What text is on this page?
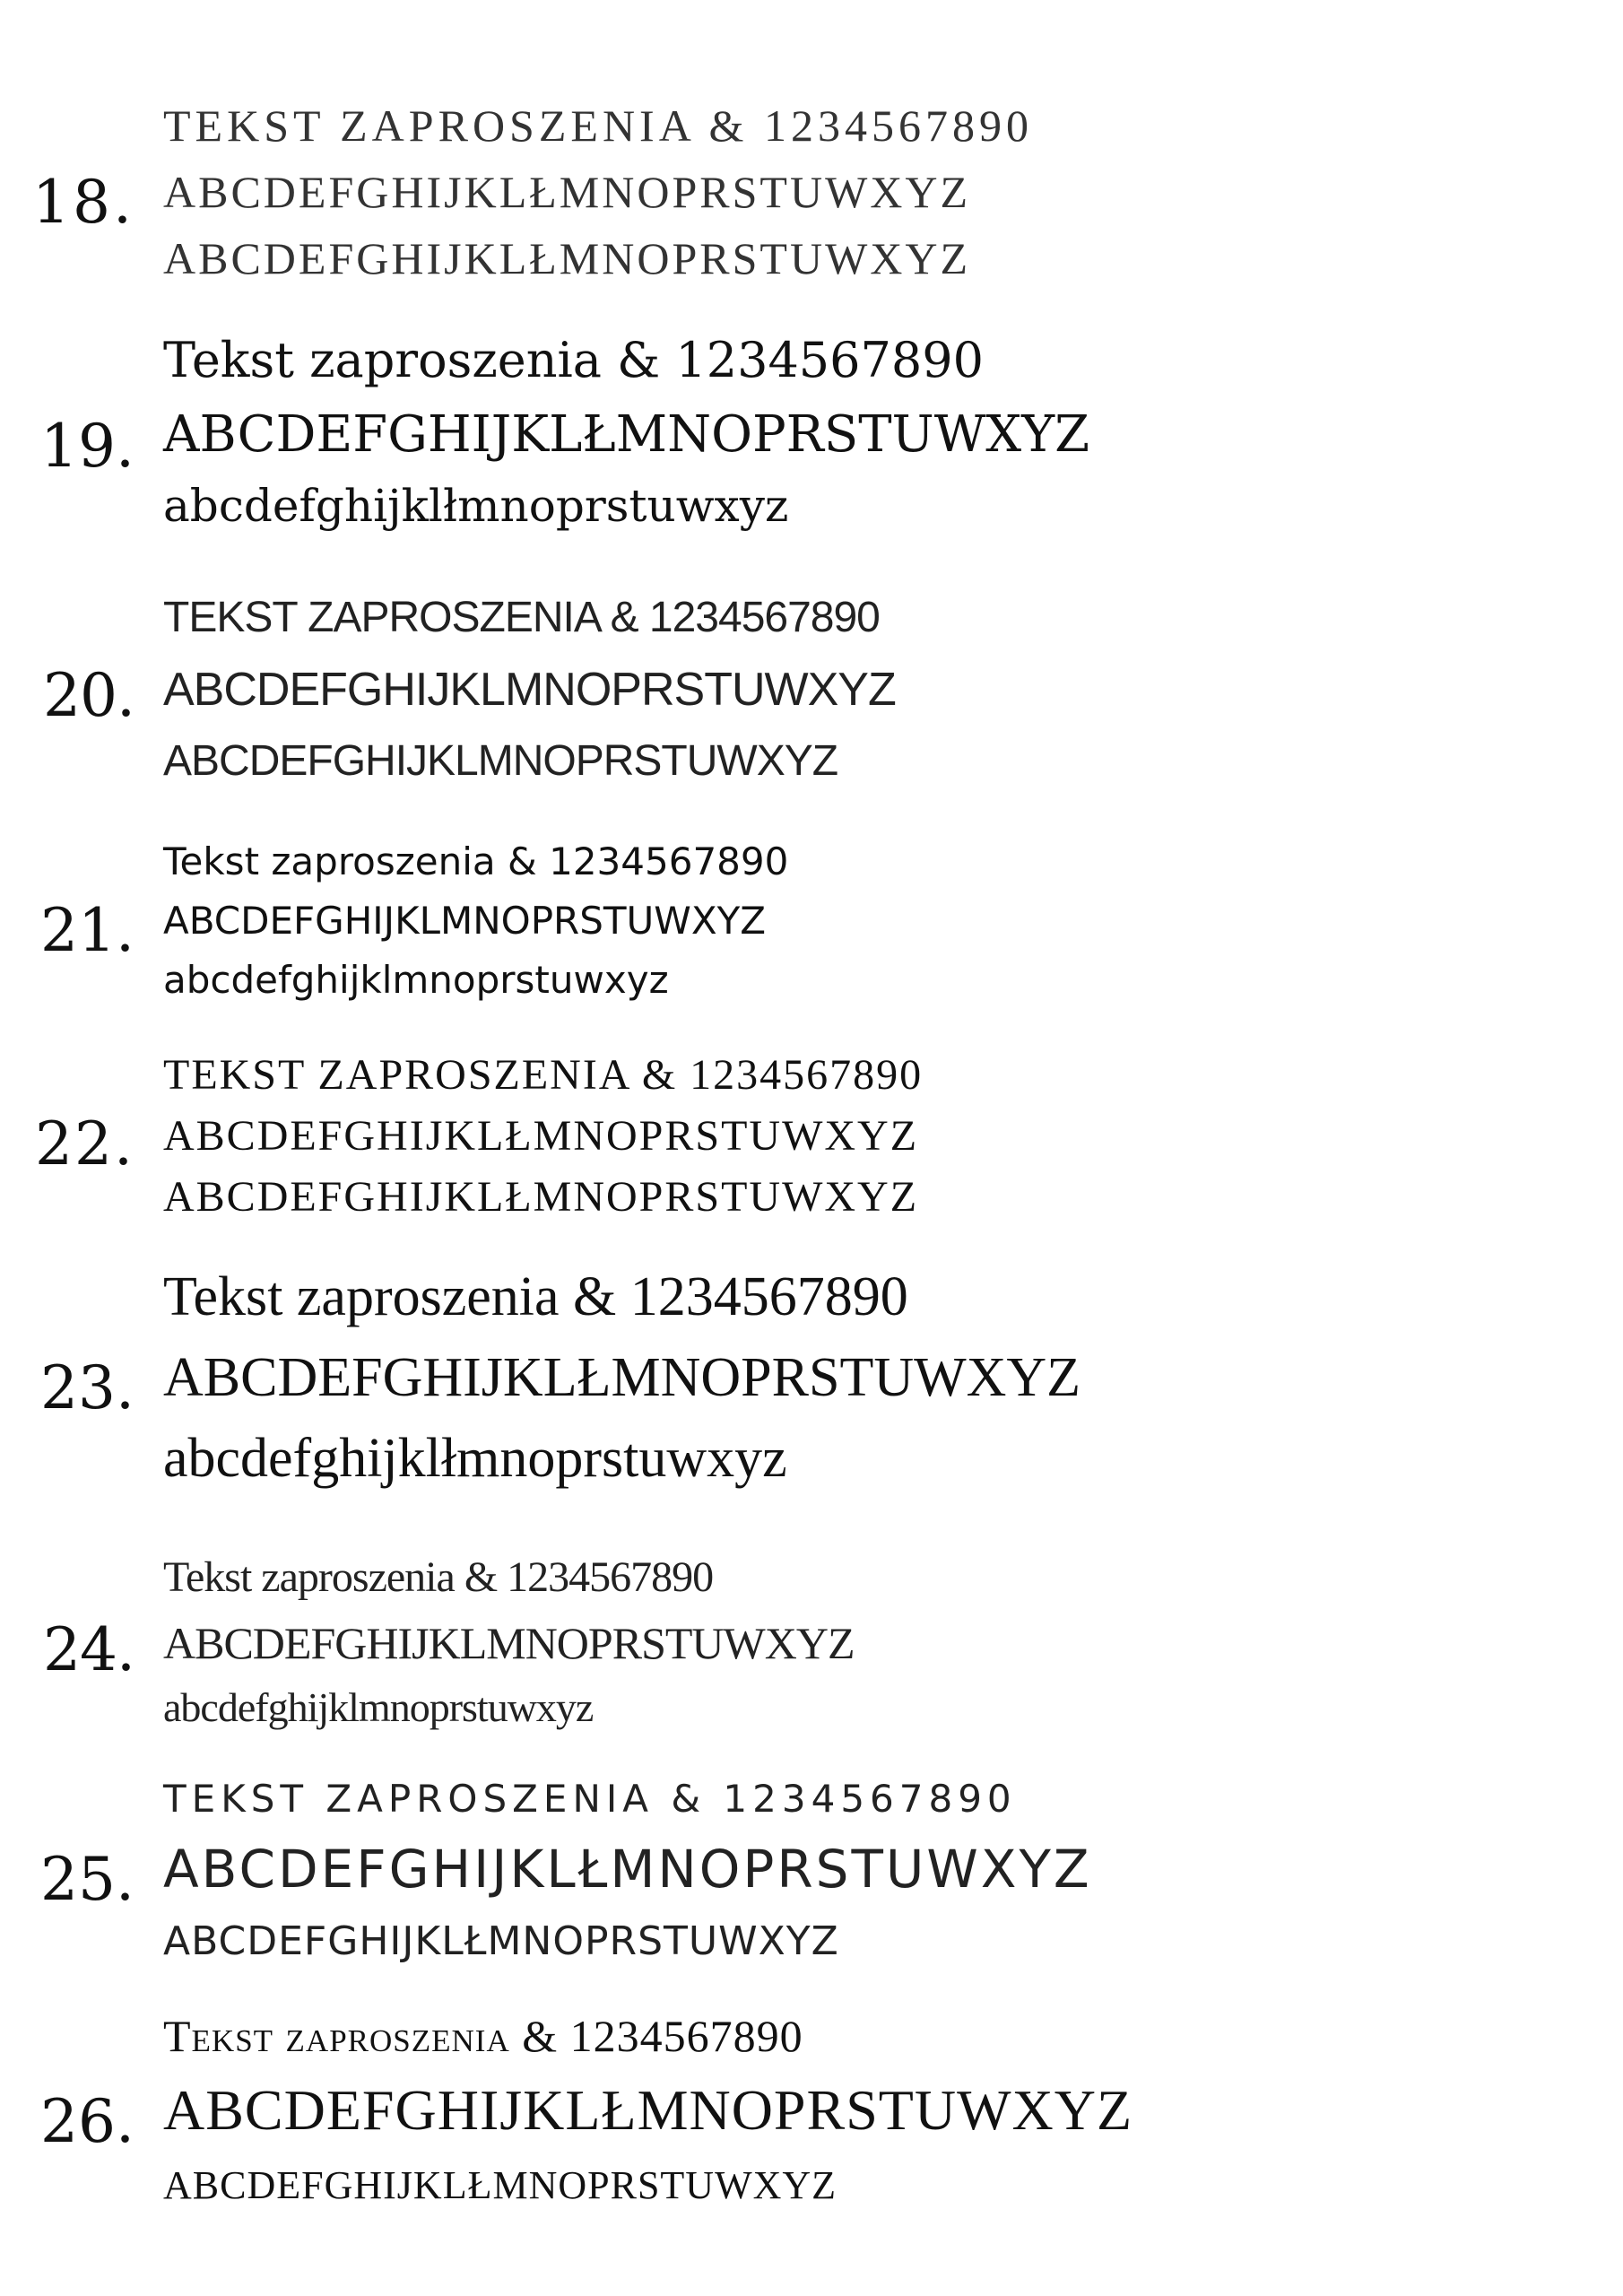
18.
TEKST ZAPROSZENIA & 1234567890
ABCDEFGHIJKLŁMNOPRSTUWXYZ
ABCDEFGHIJKLŁMNOPRSTUWXYZ
19.
Tekst zaproszenia & 1234567890
ABCDEFGHIJKLŁMNOPRSTUWXYZ
abcdefghijklłmnoprstuwxyz
20.
TEKST ZAPROSZENIA & 1234567890
ABCDEFGHIJKLMNOPRSTUWXYZ
ABCDEFGHIJKLMNOPRSTUWXYZ
21.
Tekst zaproszenia & 1234567890
ABCDEFGHIJKLMNOPRSTUWXYZ
abcdefghijklmnoprstuwxyz
22.
TEKST ZAPROSZENIA & 1234567890
ABCDEFGHIJKLŁMNOPRSTUWXYZ
ABCDEFGHIJKLŁMNOPRSTUWXYZ
23.
Tekst zaproszenia & 1234567890
ABCDEFGHIJKLŁMNOPRSTUWXYZ
abcdefghijklłmnoprstuwxyz
24.
Tekst zaproszenia & 1234567890
ABCDEFGHIJKLMNOPRSTUWXYZ
abcdefghijklmnoprstuwxyz
25.
TEKST ZAPROSZENIA & 1234567890
ABCDEFGHIJKLŁMNOPRSTUWXYZ
ABCDEFGHIJKLŁMNOPRSTUWXYZ
26.
Tekst zaproszenia & 1234567890
ABCDEFGHIJKLŁMNOPRSTUWXYZ
ABCDEFGHIJKLŁMNOPRSTUWXYZ
